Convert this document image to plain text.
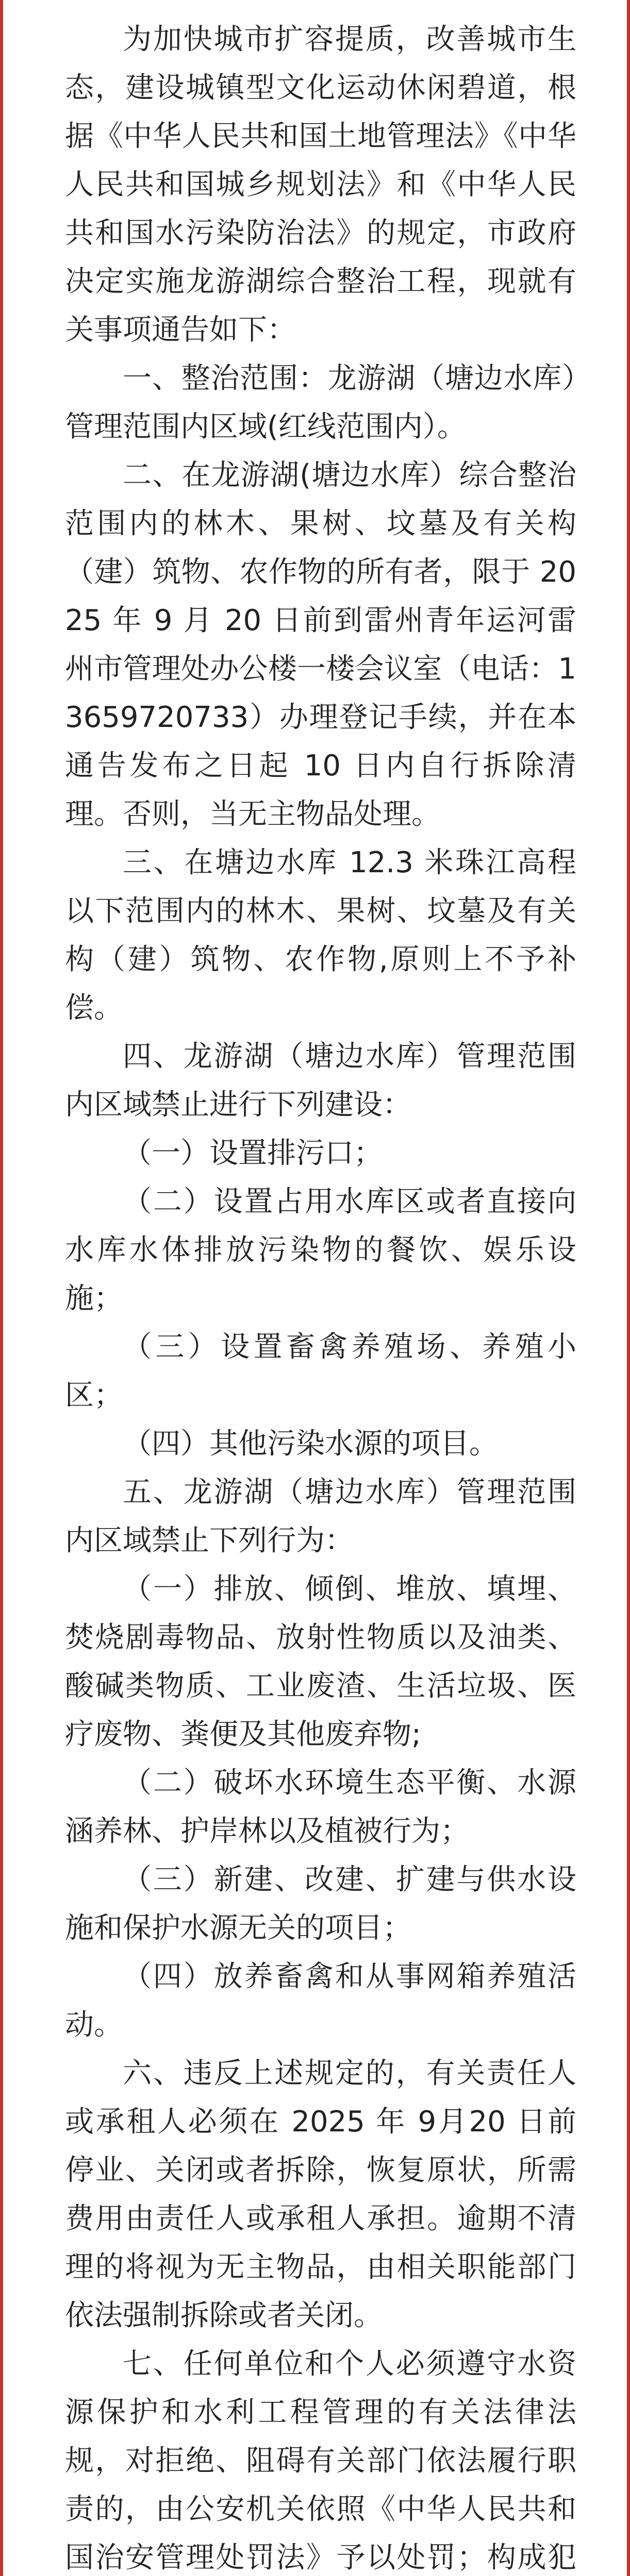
为加快城市扩容提质，改善城市生态，建设城镇型文化运动休闲碧道，根据《中华人民共和国土地管理法》《中华人民共和国城乡规划法》和《中华人民共和国水污染防治法》的规定，市政府决定实施龙游湖综合整治工程，现就有关事项通告如下：

一、整治范围：龙游湖（塘边水库）管理范围内区域(红线范围内）。

二、在龙游湖(塘边水库）综合整治范围内的林木、果树、坟墓及有关构（建）筑物、农作物的所有者，限于 2025 年 9 月 20 日前到雷州青年运河雷州市管理处办公楼一楼会议室（电话：13659720733）办理登记手续，并在本通告发布之日起 10 日内自行拆除清理。否则，当无主物品处理。

三、在塘边水库 12.3 米珠江高程以下范围内的林木、果树、坟墓及有关构（建）筑物、农作物,原则上不予补偿。

四、龙游湖（塘边水库）管理范围内区域禁止进行下列建设：

（一）设置排污口；

（二）设置占用水库区或者直接向水库水体排放污染物的餐饮、娱乐设施；

（三）设置畜禽养殖场、养殖小区；

（四）其他污染水源的项目。

五、龙游湖（塘边水库）管理范围内区域禁止下列行为：

（一）排放、倾倒、堆放、填埋、焚烧剧毒物品、放射性物质以及油类、酸碱类物质、工业废渣、生活垃圾、医疗废物、粪便及其他废弃物;

（二）破坏水环境生态平衡、水源涵养林、护岸林以及植被行为；

（三）新建、改建、扩建与供水设施和保护水源无关的项目；

（四）放养畜禽和从事网箱养殖活动。

六、违反上述规定的，有关责任人或承租人必须在 2025 年 9月20 日前停业、关闭或者拆除，恢复原状，所需费用由责任人或承租人承担。逾期不清理的将视为无主物品，由相关职能部门依法强制拆除或者关闭。

七、任何单位和个人必须遵守水资源保护和水利工程管理的有关法律法规，对拒绝、阻碍有关部门依法履行职责的，由公安机关依照《中华人民共和国治安管理处罚法》予以处罚；构成犯
